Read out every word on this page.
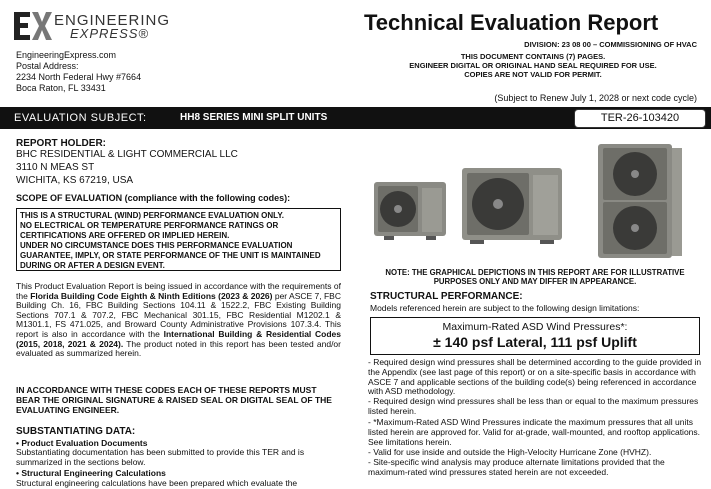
ENGINEERING
EXPRESS®
EngineeringExpress.com
Postal Address:
2234 North Federal Hwy #7664
Boca Raton, FL 33431
Technical Evaluation Report
DIVISION: 23 08 00 – COMMISSIONING OF HVAC
THIS DOCUMENT CONTAINS (7) PAGES.
ENGINEER DIGITAL OR ORIGINAL HAND SEAL REQUIRED FOR USE.
COPIES ARE NOT VALID FOR PERMIT.
(Subject to Renew July 1, 2028 or next code cycle)
EVALUATION SUBJECT:	HH8 SERIES MINI SPLIT UNITS	TER-26-103420
REPORT HOLDER:
BHC RESIDENTIAL & LIGHT COMMERCIAL LLC
3110 N MEAS ST
WICHITA, KS 67219, USA
SCOPE OF EVALUATION (compliance with the following codes):
THIS IS A STRUCTURAL (WIND) PERFORMANCE EVALUATION ONLY.
NO ELECTRICAL OR TEMPERATURE PERFORMANCE RATINGS OR CERTIFICATIONS ARE OFFERED OR IMPLIED HEREIN.
UNDER NO CIRCUMSTANCE DOES THIS PERFORMANCE EVALUATION GUARANTEE, IMPLY, OR STATE PERFORMANCE OF THE UNIT IS MAINTAINED DURING OR AFTER A DESIGN EVENT.
This Product Evaluation Report is being issued in accordance with the requirements of the Florida Building Code Eighth & Ninth Editions (2023 & 2026) per ASCE 7, FBC Building Ch. 16, FBC Building Sections 104.11 & 1522.2, FBC Existing Building Sections 707.1 & 707.2, FBC Mechanical 301.15, FBC Residential M1202.1 & M1301.1, FS 471.025, and Broward County Administrative Provisions 107.3.4. This report is also in accordance with the International Building & Residential Codes (2015, 2018, 2021 & 2024). The product noted in this report has been tested and/or evaluated as summarized herein.
IN ACCORDANCE WITH THESE CODES EACH OF THESE REPORTS MUST BEAR THE ORIGINAL SIGNATURE & RAISED SEAL OR DIGITAL SEAL OF THE EVALUATING ENGINEER.
SUBSTANTIATING DATA:
• Product Evaluation Documents
Substantiating documentation has been submitted to provide this TER and is summarized in the sections below.
• Structural Engineering Calculations
Structural engineering calculations have been prepared which evaluate the
NOTE: THE GRAPHICAL DEPICTIONS IN THIS REPORT ARE FOR ILLUSTRATIVE PURPOSES ONLY AND MAY DIFFER IN APPEARANCE.
STRUCTURAL PERFORMANCE:
Models referenced herein are subject to the following design limitations:
Maximum-Rated ASD Wind Pressures*:
± 140 psf Lateral, 111 psf Uplift
- Required design wind pressures shall be determined according to the guide provided in the Appendix (see last page of this report) or on a site-specific basis in accordance with ASCE 7 and applicable sections of the building code(s) being referenced in accordance with ASD methodology.
- Required design wind pressures shall be less than or equal to the maximum pressures listed herein.
- *Maximum-Rated ASD Wind Pressures indicate the maximum pressures that all units listed herein are approved for. Valid for at-grade, wall-mounted, and rooftop applications. See limitations herein.
- Valid for use inside and outside the High-Velocity Hurricane Zone (HVHZ).
- Site-specific wind analysis may produce alternate limitations provided that the maximum-rated wind pressures stated herein are not exceeded.
